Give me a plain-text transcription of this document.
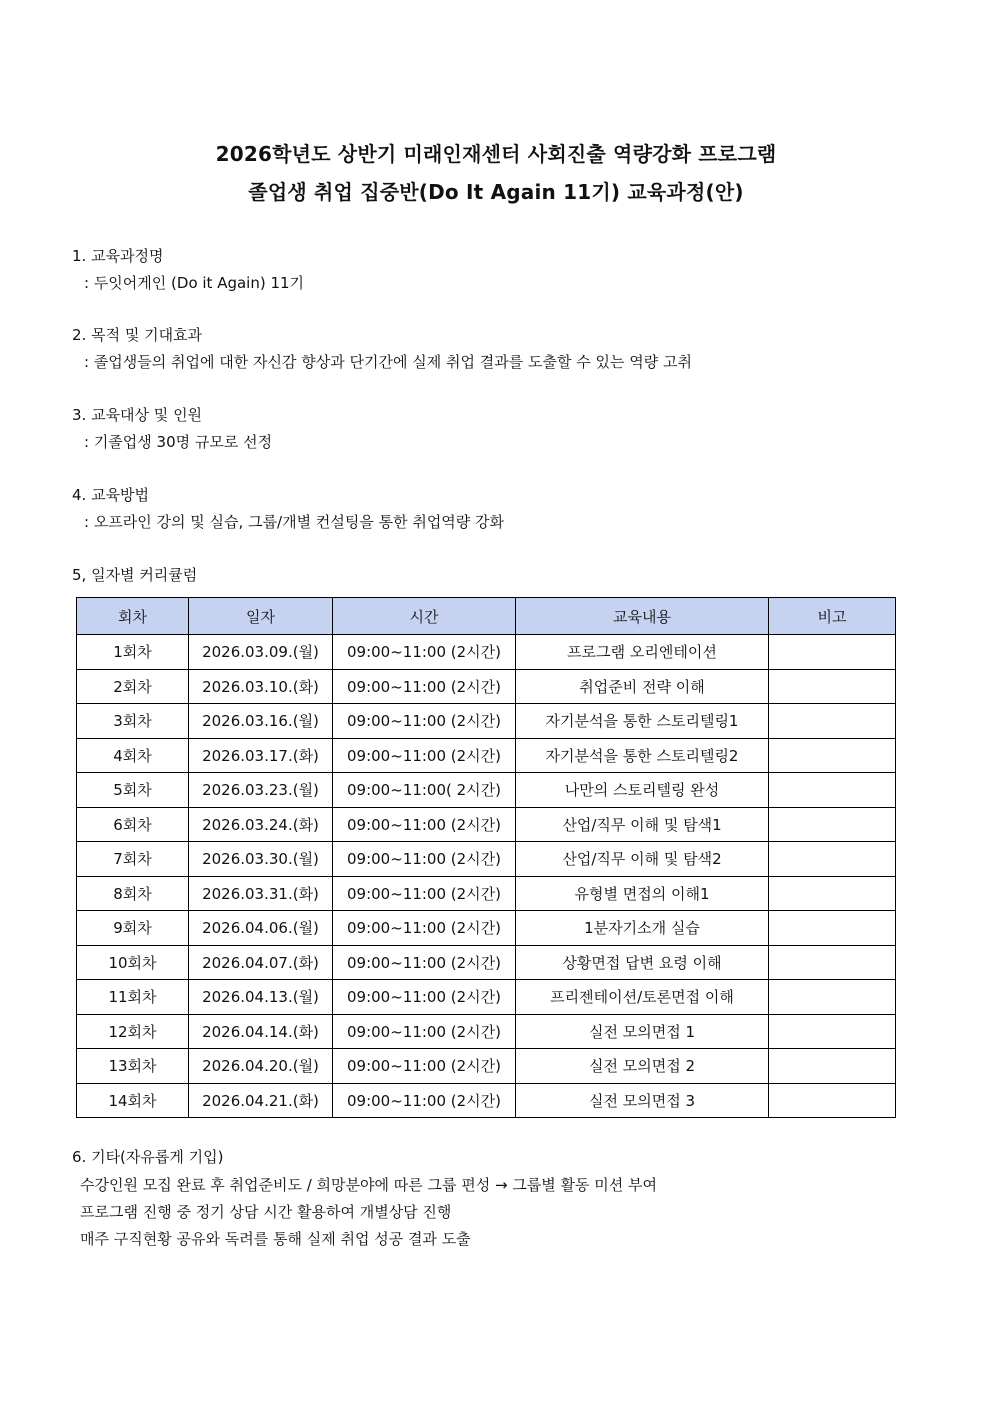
2026학년도 상반기 미래인재센터 사회진출 역량강화 프로그램
졸업생 취업 집중반(Do It Again 11기) 교육과정(안)
1. 교육과정명
: 두잇어게인 (Do it Again) 11기
2. 목적 및 기대효과
: 졸업생들의 취업에 대한 자신감 향상과 단기간에 실제 취업 결과를 도출할 수 있는 역량 고취
3. 교육대상 및 인원
: 기졸업생 30명 규모로 선정
4. 교육방법
: 오프라인 강의 및 실습, 그룹/개별 컨설팅을 통한 취업역량 강화
5, 일자별 커리큘럼
회차	일자	시간	교육내용	비고
1회차	2026.03.09.(월)	09:00~11:00 (2시간)	프로그램 오리엔테이션	
2회차	2026.03.10.(화)	09:00~11:00 (2시간)	취업준비 전략 이해	
3회차	2026.03.16.(월)	09:00~11:00 (2시간)	자기분석을 통한 스토리텔링1	
4회차	2026.03.17.(화)	09:00~11:00 (2시간)	자기분석을 통한 스토리텔링2	
5회차	2026.03.23.(월)	09:00~11:00( 2시간)	나만의 스토리텔링 완성	
6회차	2026.03.24.(화)	09:00~11:00 (2시간)	산업/직무 이해 및 탐색1	
7회차	2026.03.30.(월)	09:00~11:00 (2시간)	산업/직무 이해 및 탐색2	
8회차	2026.03.31.(화)	09:00~11:00 (2시간)	유형별 면접의 이해1	
9회차	2026.04.06.(월)	09:00~11:00 (2시간)	1분자기소개 실습	
10회차	2026.04.07.(화)	09:00~11:00 (2시간)	상황면접 답변 요령 이해	
11회차	2026.04.13.(월)	09:00~11:00 (2시간)	프리젠테이션/토론면접 이해	
12회차	2026.04.14.(화)	09:00~11:00 (2시간)	실전 모의면접 1	
13회차	2026.04.20.(월)	09:00~11:00 (2시간)	실전 모의면접 2	
14회차	2026.04.21.(화)	09:00~11:00 (2시간)	실전 모의면접 3	
6. 기타(자유롭게 기입)
수강인원 모집 완료 후 취업준비도 / 희망분야에 따른 그룹 편성 → 그룹별 활동 미션 부여
프로그램 진행 중 정기 상담 시간 활용하여 개별상담 진행
매주 구직현황 공유와 독려를 통해 실제 취업 성공 결과 도출
